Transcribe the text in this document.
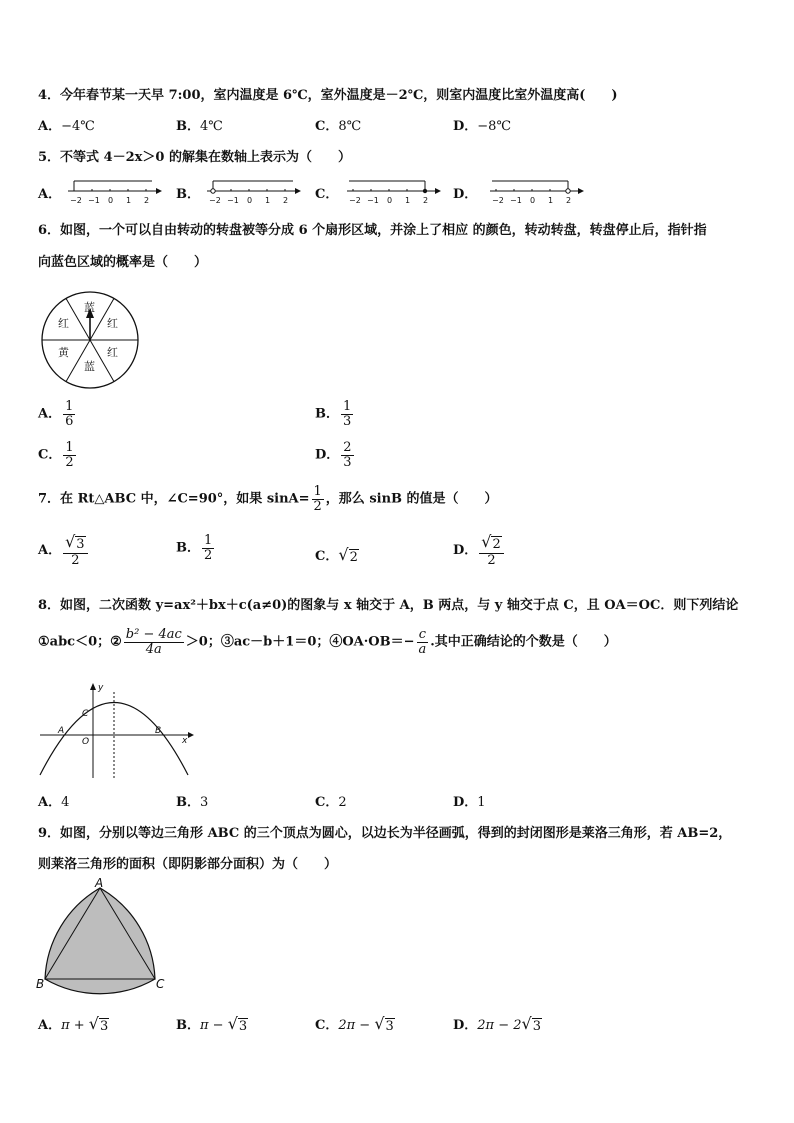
4．今年春节某一天早 7:00，室内温度是 6℃，室外温度是－2℃，则室内温度比室外温度高(　　)
A．−4℃	B．4℃	C．8℃	D．−8℃
5．不等式 4－2x＞0 的解集在数轴上表示为（　　）
A．	B．	C．	D．
−2 −1 0 1 2	−2 −1 0 1 2	−2 −1 0 1 2	−2 −1 0 1 2
6．如图，一个可以自由转动的转盘被等分成 6 个扇形区域，并涂上了相应 的颜色，转动转盘，转盘停止后，指针指
向蓝色区域的概率是（　　）
蓝
红
红
蓝
黄
红
A． $\frac{1}{6}$	B． $\frac{1}{3}$
C． $\frac{1}{2}$	D． $\frac{2}{3}$
7．在 Rt△ABC 中，∠C=90°，如果 $\sin A= \frac{1}{2}$ ，那么 sinB 的值是（　　）
A． $\frac{√ 3}{2}$	B． $\frac{1}{2}$	C． √ 2	D． $\frac{√ 2}{2}$
8．如图，二次函数 y=ax²＋bx＋c(a≠0)的图象与 x 轴交于 A，B 两点，与 y 轴交于点 C，且 OA＝OC．则下列结论
①abc＜0；② $\frac{\text{b² − 4ac}}{4a} >0$；③ac－b＋1＝0；④OA·OB＝− $\frac{c}{a}$ .其中正确结论的个数是（　　）
y
x
C
A
O
B
A．4	B．3	C．2	D．1
9．如图，分别以等边三角形 ABC 的三个顶点为圆心，以边长为半径画弧，得到的封闭图形是莱洛三角形，若 AB=2，
则莱洛三角形的面积（即阴影部分面积）为（　　）
A
B	C
A．π + √ 3	B．π − √ 3	C．2π − √ 3	D．2π − 2 √ 3
